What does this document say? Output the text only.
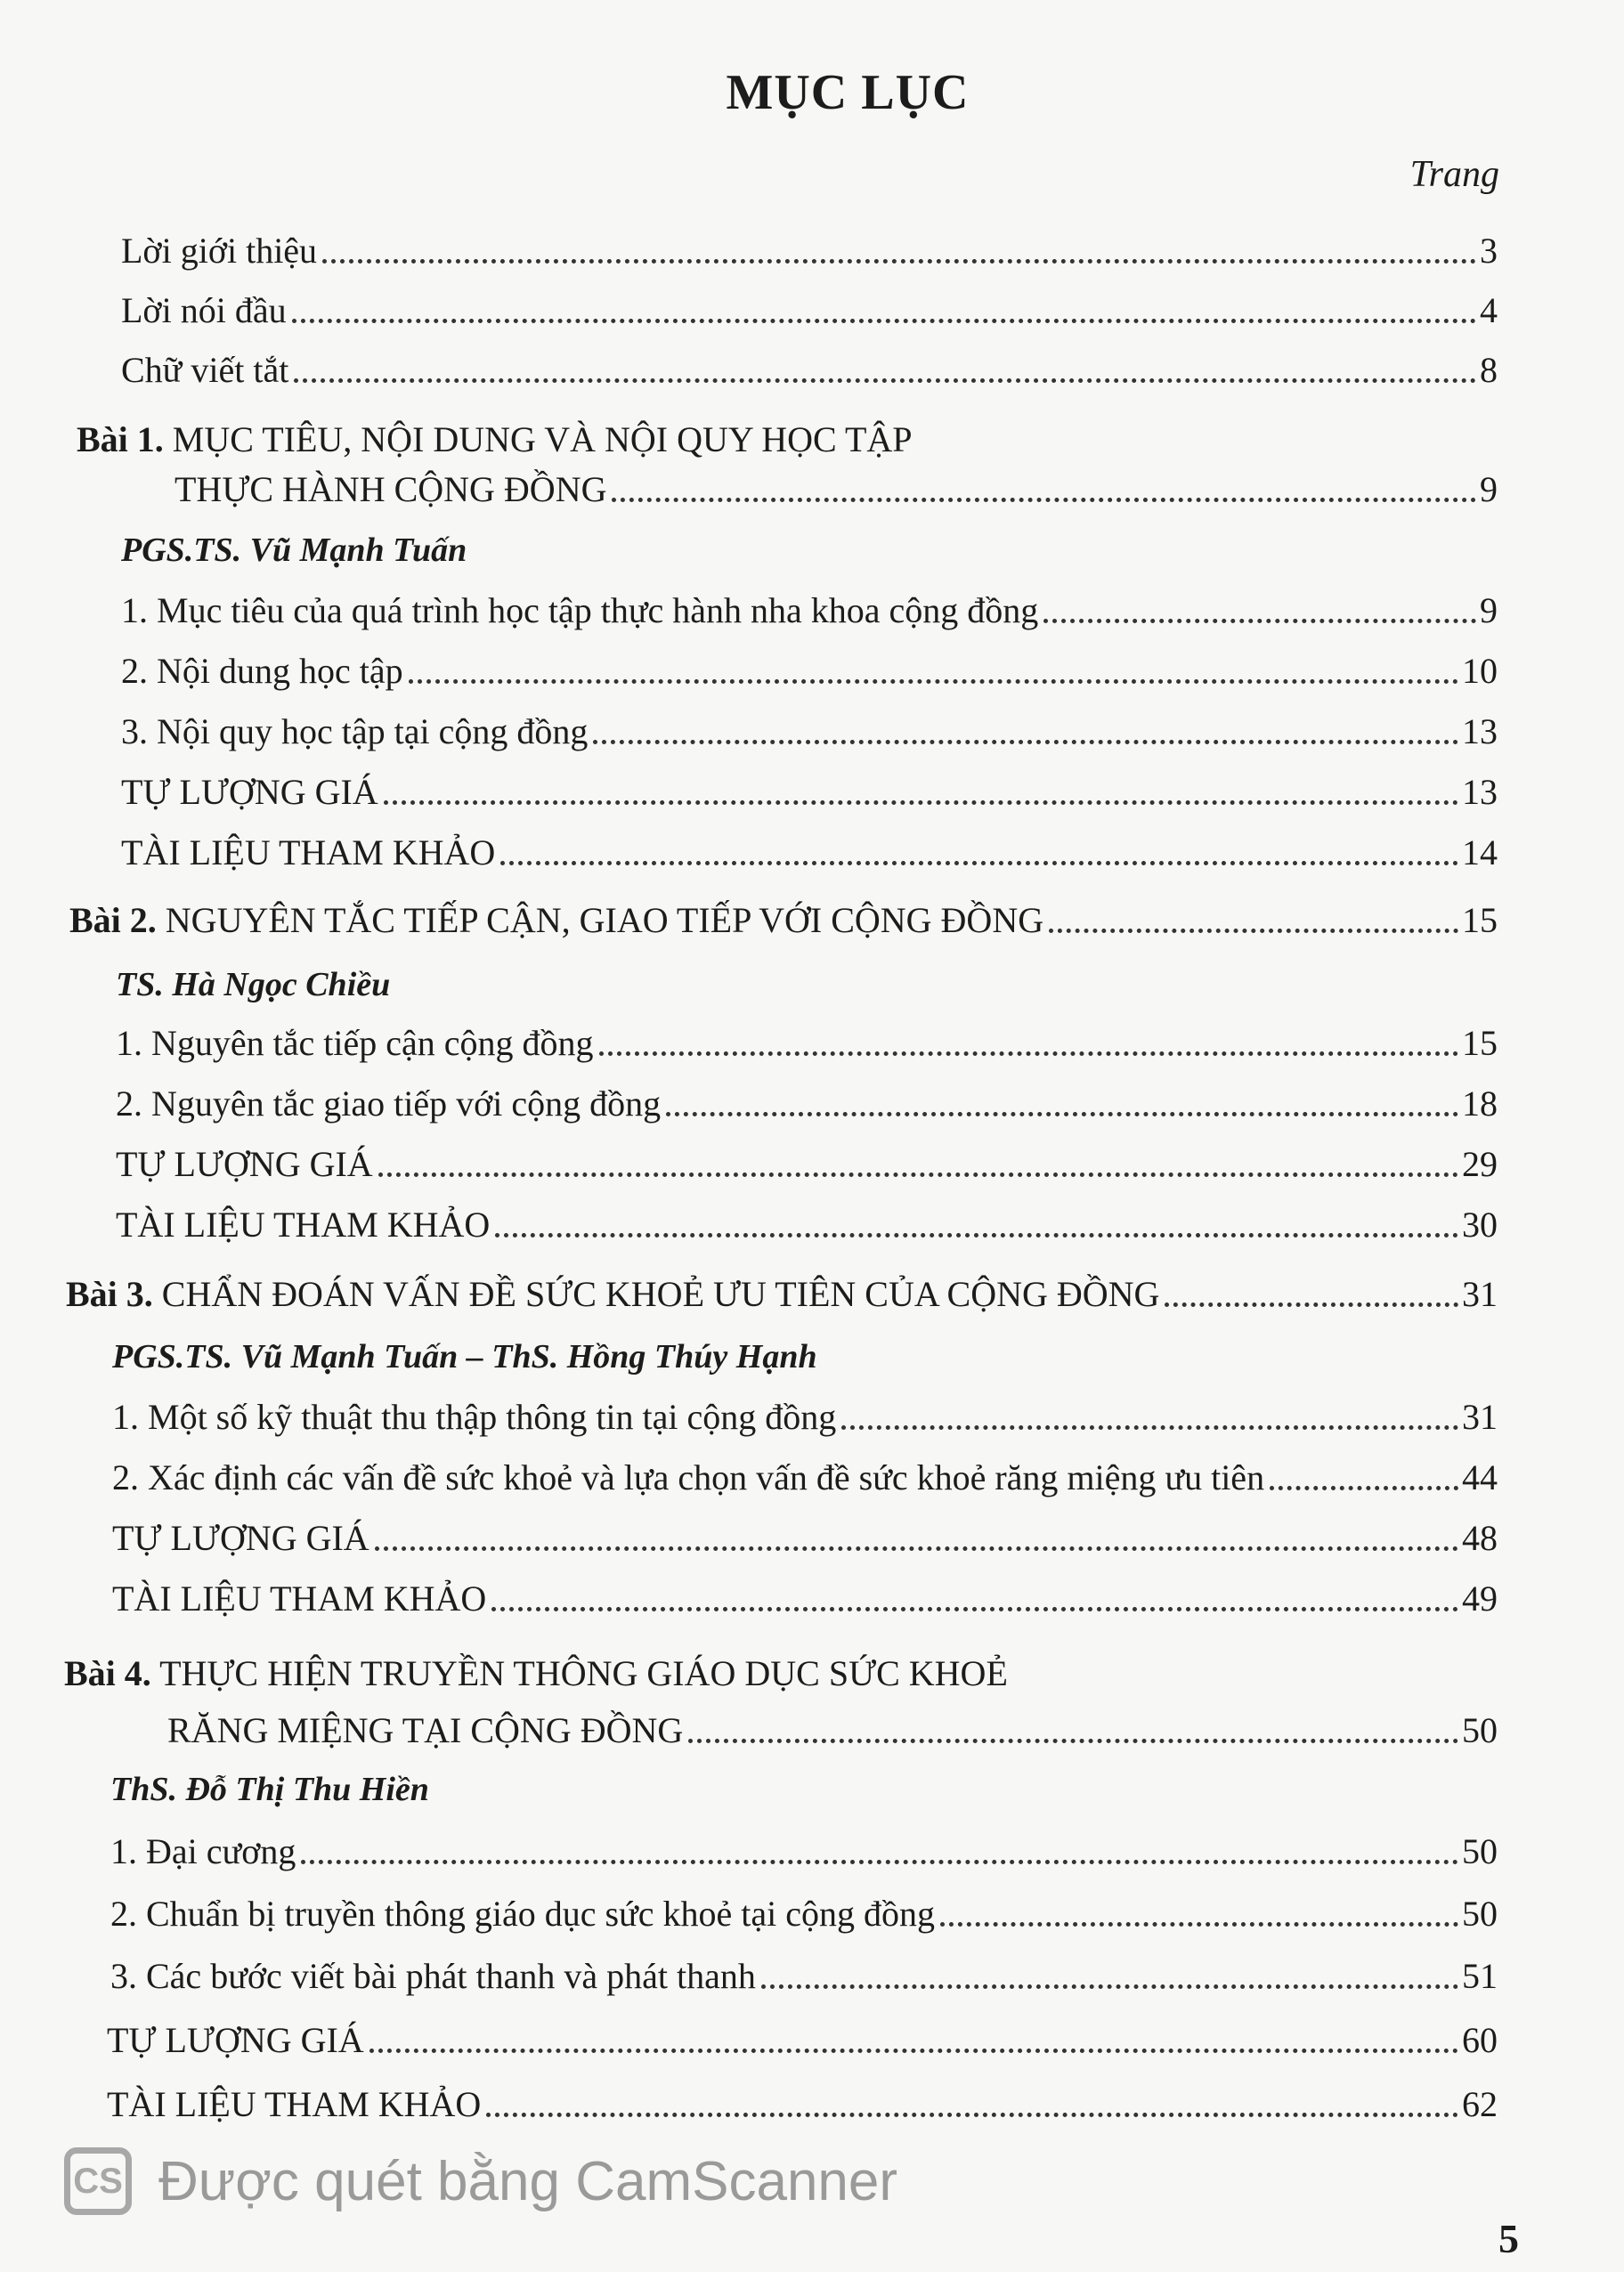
MỤC LỤC
Trang
Lời giới thiệu	3
Lời nói đầu	4
Chữ viết tắt	8
Bài 1. MỤC TIÊU, NỘI DUNG VÀ NỘI QUY HỌC TẬP
THỰC HÀNH CỘNG ĐỒNG	9
PGS.TS. Vũ Mạnh Tuấn
1. Mục tiêu của quá trình học tập thực hành nha khoa cộng đồng	9
2. Nội dung học tập	10
3. Nội quy học tập tại cộng đồng	13
TỰ LƯỢNG GIÁ	13
TÀI LIỆU THAM KHẢO	14
Bài 2. NGUYÊN TẮC TIẾP CẬN, GIAO TIẾP VỚI CỘNG ĐỒNG	15
TS. Hà Ngọc Chiều
1. Nguyên tắc tiếp cận cộng đồng	15
2. Nguyên tắc giao tiếp với cộng đồng	18
TỰ LƯỢNG GIÁ	29
TÀI LIỆU THAM KHẢO	30
Bài 3. CHẨN ĐOÁN VẤN ĐỀ SỨC KHOẺ ƯU TIÊN CỦA CỘNG ĐỒNG	31
PGS.TS. Vũ Mạnh Tuấn – ThS. Hồng Thúy Hạnh
1. Một số kỹ thuật thu thập thông tin tại cộng đồng	31
2. Xác định các vấn đề sức khoẻ và lựa chọn vấn đề sức khoẻ răng miệng ưu tiên	44
TỰ LƯỢNG GIÁ	48
TÀI LIỆU THAM KHẢO	49
Bài 4. THỰC HIỆN TRUYỀN THÔNG GIÁO DỤC SỨC KHOẺ
RĂNG MIỆNG TẠI CỘNG ĐỒNG	50
ThS. Đỗ Thị Thu Hiền
1. Đại cương	50
2. Chuẩn bị truyền thông giáo dục sức khoẻ tại cộng đồng	50
3. Các bước viết bài phát thanh và phát thanh	51
TỰ LƯỢNG GIÁ	60
TÀI LIỆU THAM KHẢO	62
CS Được quét bằng CamScanner
5
